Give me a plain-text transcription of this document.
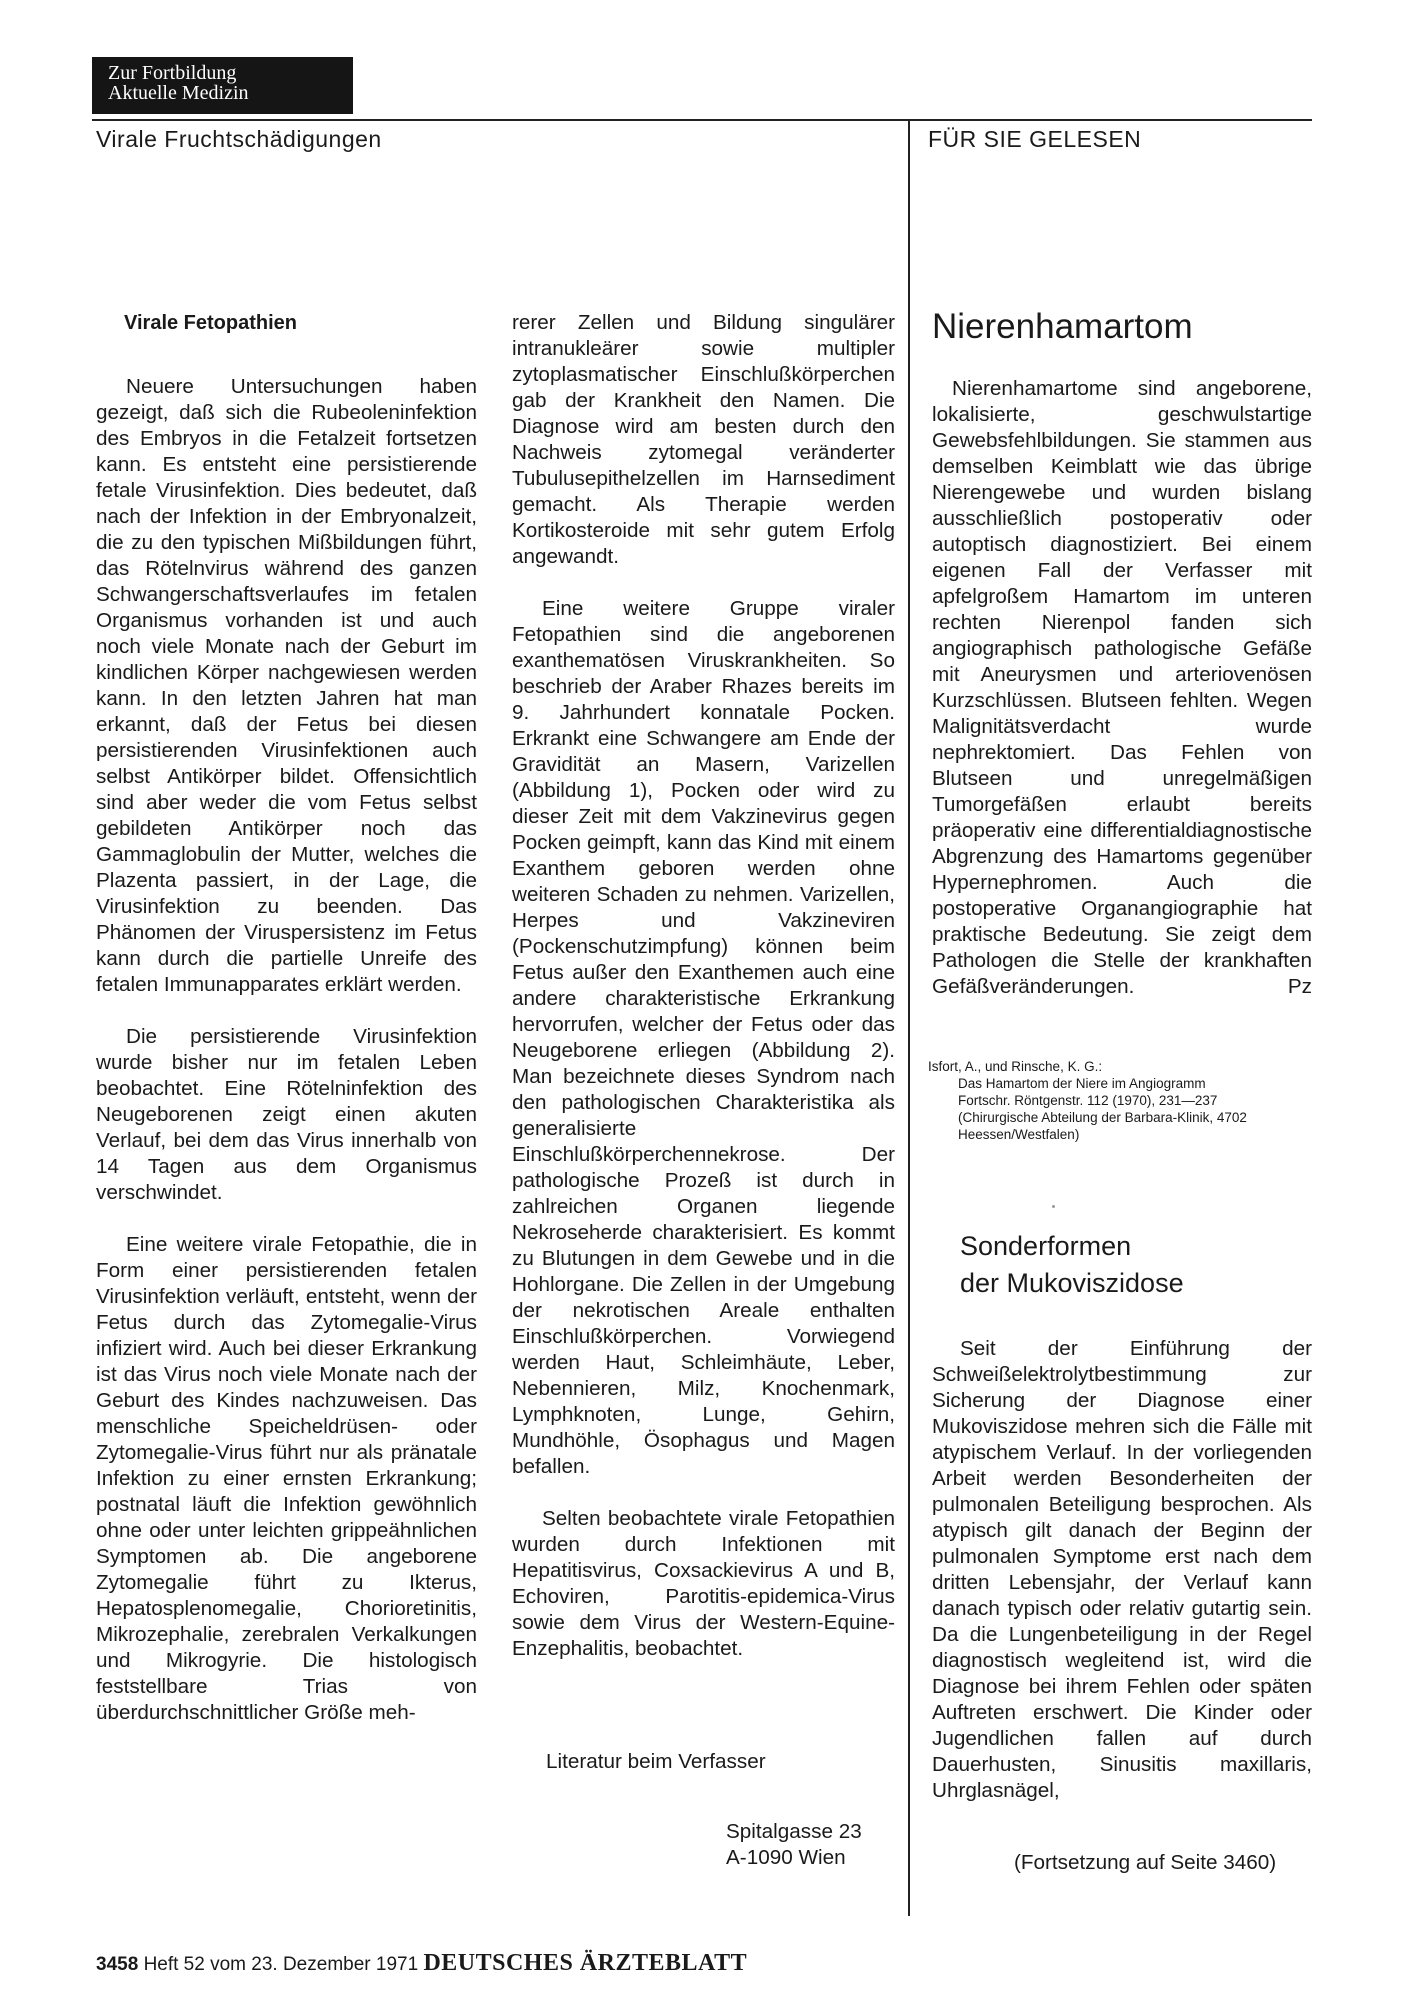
Zur Fortbildung
Aktuelle Medizin
Virale Fruchtschädigungen	FÜR SIE GELESEN
Virale Fetopathien

Neuere Untersuchungen haben gezeigt, daß sich die Rubeoleninfektion des Embryos in die Fetalzeit fortsetzen kann. Es entsteht eine persistierende fetale Virusinfektion. Dies bedeutet, daß nach der Infektion in der Embryonalzeit, die zu den typischen Mißbildungen führt, das Rötelnvirus während des ganzen Schwangerschaftsverlaufes im fetalen Organismus vorhanden ist und auch noch viele Monate nach der Geburt im kindlichen Körper nachgewiesen werden kann. In den letzten Jahren hat man erkannt, daß der Fetus bei diesen persistierenden Virusinfektionen auch selbst Antikörper bildet. Offensichtlich sind aber weder die vom Fetus selbst gebildeten Antikörper noch das Gammaglobulin der Mutter, welches die Plazenta passiert, in der Lage, die Virusinfektion zu beenden. Das Phänomen der Viruspersistenz im Fetus kann durch die partielle Unreife des fetalen Immunapparates erklärt werden.

Die persistierende Virusinfektion wurde bisher nur im fetalen Leben beobachtet. Eine Rötelninfektion des Neugeborenen zeigt einen akuten Verlauf, bei dem das Virus innerhalb von 14 Tagen aus dem Organismus verschwindet.

Eine weitere virale Fetopathie, die in Form einer persistierenden fetalen Virusinfektion verläuft, entsteht, wenn der Fetus durch das Zytomegalie-Virus infiziert wird. Auch bei dieser Erkrankung ist das Virus noch viele Monate nach der Geburt des Kindes nachzuweisen. Das menschliche Speicheldrüsen- oder Zytomegalie-Virus führt nur als pränatale Infektion zu einer ernsten Erkrankung; postnatal läuft die Infektion gewöhnlich ohne oder unter leichten grippeähnlichen Symptomen ab. Die angeborene Zytomegalie führt zu Ikterus, Hepatosplenomegalie, Chorioretinitis, Mikrozephalie, zerebralen Verkalkungen und Mikrogyrie. Die histologisch feststellbare Trias von überdurchschnittlicher Größe meh-

rerer Zellen und Bildung singulärer intranukleärer sowie multipler zytoplasmatischer Einschlußkörperchen gab der Krankheit den Namen. Die Diagnose wird am besten durch den Nachweis zytomegal veränderter Tubulusepithelzellen im Harnsediment gemacht. Als Therapie werden Kortikosteroide mit sehr gutem Erfolg angewandt.

Eine weitere Gruppe viraler Fetopathien sind die angeborenen exanthematösen Viruskrankheiten. So beschrieb der Araber Rhazes bereits im 9. Jahrhundert konnatale Pocken. Erkrankt eine Schwangere am Ende der Gravidität an Masern, Varizellen (Abbildung 1), Pocken oder wird zu dieser Zeit mit dem Vakzinevirus gegen Pocken geimpft, kann das Kind mit einem Exanthem geboren werden ohne weiteren Schaden zu nehmen. Varizellen, Herpes und Vakzineviren (Pockenschutzimpfung) können beim Fetus außer den Exanthemen auch eine andere charakteristische Erkrankung hervorrufen, welcher der Fetus oder das Neugeborene erliegen (Abbildung 2). Man bezeichnete dieses Syndrom nach den pathologischen Charakteristika als generalisierte Einschlußkörperchennekrose. Der pathologische Prozeß ist durch in zahlreichen Organen liegende Nekroseherde charakterisiert. Es kommt zu Blutungen in dem Gewebe und in die Hohlorgane. Die Zellen in der Umgebung der nekrotischen Areale enthalten Einschlußkörperchen. Vorwiegend werden Haut, Schleimhäute, Leber, Nebennieren, Milz, Knochenmark, Lymphknoten, Lunge, Gehirn, Mundhöhle, Ösophagus und Magen befallen.

Selten beobachtete virale Fetopathien wurden durch Infektionen mit Hepatitisvirus, Coxsackievirus A und B, Echoviren, Parotitis-epidemica-Virus sowie dem Virus der Western-Equine-Enzephalitis, beobachtet.

Literatur beim Verfasser
Spitalgasse 23
A-1090 Wien
Nierenhamartom

Nierenhamartome sind angeborene, lokalisierte, geschwulstartige Gewebsfehlbildungen. Sie stammen aus demselben Keimblatt wie das übrige Nierengewebe und wurden bislang ausschließlich postoperativ oder autoptisch diagnostiziert. Bei einem eigenen Fall der Verfasser mit apfelgroßem Hamartom im unteren rechten Nierenpol fanden sich angiographisch pathologische Gefäße mit Aneurysmen und arteriovenösen Kurzschlüssen. Blutseen fehlten. Wegen Malignitätsverdacht wurde nephrektomiert. Das Fehlen von Blutseen und unregelmäßigen Tumorgefäßen erlaubt bereits präoperativ eine differentialdiagnostische Abgrenzung des Hamartoms gegenüber Hypernephromen. Auch die postoperative Organangiographie hat praktische Bedeutung. Sie zeigt dem Pathologen die Stelle der krankhaften Gefäßveränderungen.	Pz

Isfort, A., und Rinsche, K. G.:
Das Hamartom der Niere im Angiogramm
Fortschr. Röntgenstr. 112 (1970), 231—237
(Chirurgische Abteilung der Barbara-Klinik, 4702 Heessen/Westfalen)
Sonderformen
der Mukoviszidose

Seit der Einführung der Schweißelektrolytbestimmung zur Sicherung der Diagnose einer Mukoviszidose mehren sich die Fälle mit atypischem Verlauf. In der vorliegenden Arbeit werden Besonderheiten der pulmonalen Beteiligung besprochen. Als atypisch gilt danach der Beginn der pulmonalen Symptome erst nach dem dritten Lebensjahr, der Verlauf kann danach typisch oder relativ gutartig sein. Da die Lungenbeteiligung in der Regel diagnostisch wegleitend ist, wird die Diagnose bei ihrem Fehlen oder späten Auftreten erschwert. Die Kinder oder Jugendlichen fallen auf durch Dauerhusten, Sinusitis maxillaris, Uhrglasnägel,

(Fortsetzung auf Seite 3460)
3458 Heft 52 vom 23. Dezember 1971 DEUTSCHES ÄRZTEBLATT
